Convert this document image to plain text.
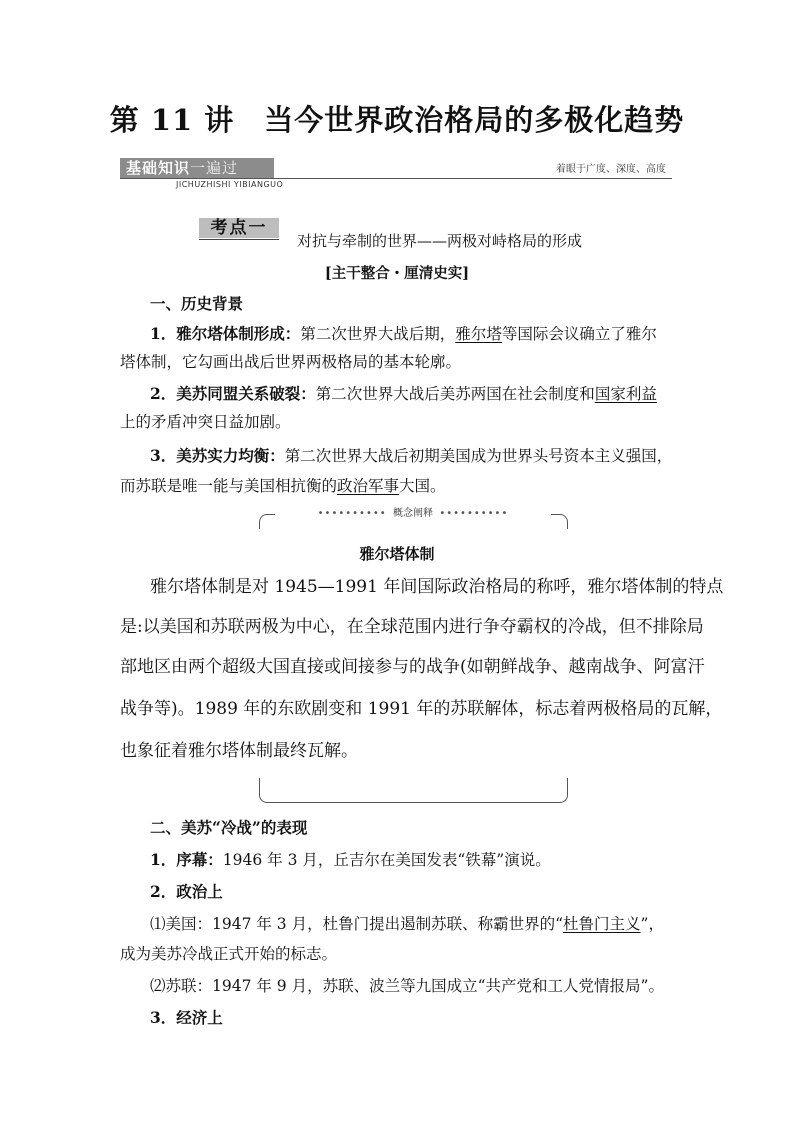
第 11 讲　当今世界政治格局的多极化趋势
基础知识一遍过
JICHUZHISHI YIBIANGUO
着眼于广度、深度、高度
考点一
对抗与牵制的世界——两极对峙格局的形成
[主干整合・厘清史实]
一、历史背景
1．雅尔塔体制形成：第二次世界大战后期，雅尔塔等国际会议确立了雅尔
塔体制，它勾画出战后世界两极格局的基本轮廓。
2．美苏同盟关系破裂：第二次世界大战后美苏两国在社会制度和国家利益
上的矛盾冲突日益加剧。
3．美苏实力均衡：第二次世界大战后初期美国成为世界头号资本主义强国，
而苏联是唯一能与美国相抗衡的政治军事大国。
•••••••••• 概念阐释 ••••••••••
雅尔塔体制
雅尔塔体制是对 1945—1991 年间国际政治格局的称呼，雅尔塔体制的特点
是:以美国和苏联两极为中心，在全球范围内进行争夺霸权的冷战，但不排除局
部地区由两个超级大国直接或间接参与的战争(如朝鲜战争、越南战争、阿富汗
战争等)。1989 年的东欧剧变和 1991 年的苏联解体，标志着两极格局的瓦解，
也象征着雅尔塔体制最终瓦解。
二、美苏“冷战”的表现
1．序幕：1946 年 3 月，丘吉尔在美国发表“铁幕”演说。
2．政治上
⑴美国：1947 年 3 月，杜鲁门提出遏制苏联、称霸世界的“杜鲁门主义”，
成为美苏冷战正式开始的标志。
⑵苏联：1947 年 9 月，苏联、波兰等九国成立“共产党和工人党情报局”。
3．经济上
